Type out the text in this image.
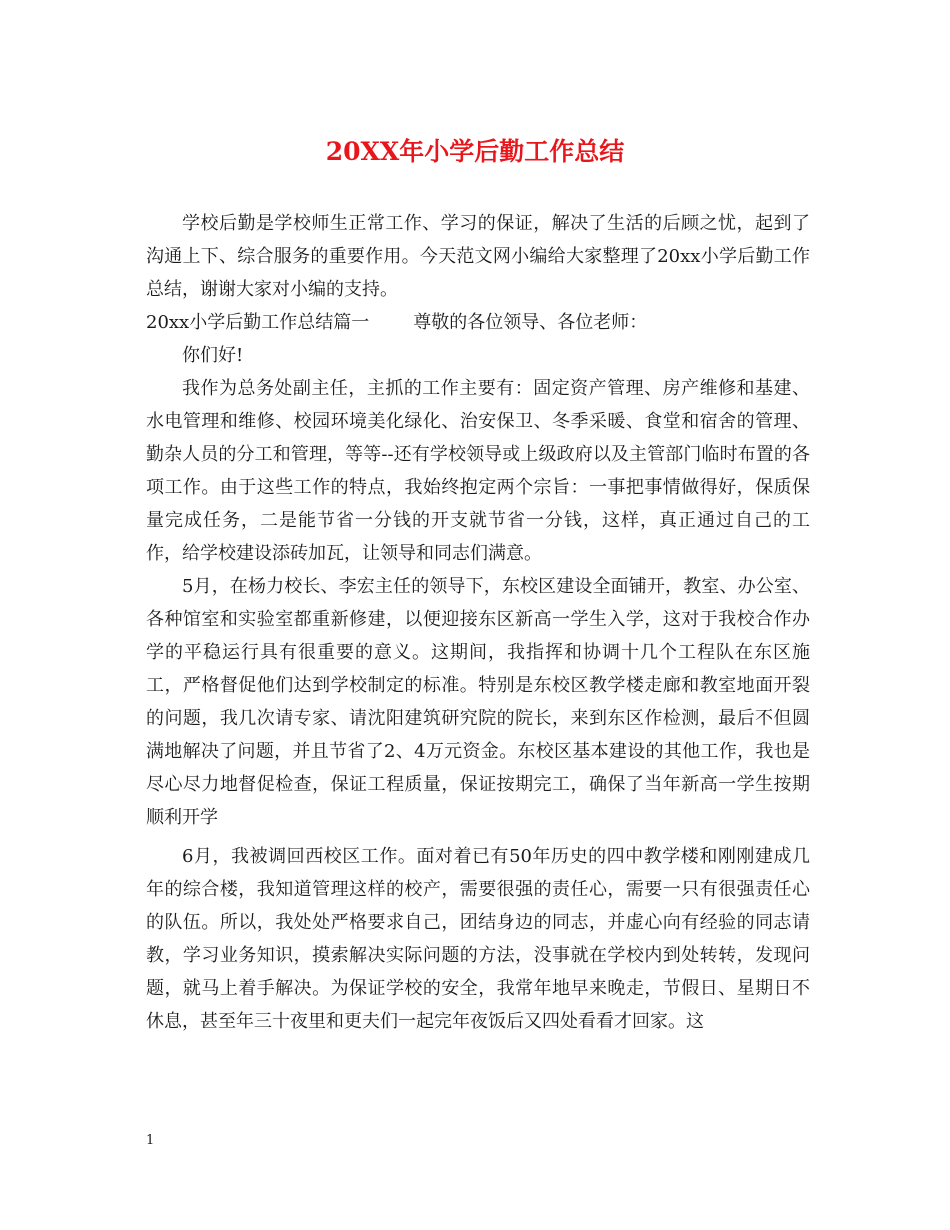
20XX年小学后勤工作总结

学校后勤是学校师生正常工作、学习的保证，解决了生活的后顾之忧，起到了沟通上下、综合服务的重要作用。今天范文网小编给大家整理了20xx小学后勤工作总结，谢谢大家对小编的支持。

20xx小学后勤工作总结篇一 尊敬的各位领导、各位老师：

你们好!

我作为总务处副主任，主抓的工作主要有：固定资产管理、房产维修和基建、水电管理和维修、校园环境美化绿化、治安保卫、冬季采暖、食堂和宿舍的管理、勤杂人员的分工和管理，等等--还有学校领导或上级政府以及主管部门临时布置的各项工作。由于这些工作的特点，我始终抱定两个宗旨：一事把事情做得好，保质保量完成任务，二是能节省一分钱的开支就节省一分钱，这样，真正通过自己的工作，给学校建设添砖加瓦，让领导和同志们满意。

5月，在杨力校长、李宏主任的领导下，东校区建设全面铺开，教室、办公室、各种馆室和实验室都重新修建，以便迎接东区新高一学生入学，这对于我校合作办学的平稳运行具有很重要的意义。这期间，我指挥和协调十几个工程队在东区施工，严格督促他们达到学校制定的标准。特别是东校区教学楼走廊和教室地面开裂的问题，我几次请专家、请沈阳建筑研究院的院长，来到东区作检测，最后不但圆满地解决了问题，并且节省了2、4万元资金。东校区基本建设的其他工作，我也是尽心尽力地督促检查，保证工程质量，保证按期完工，确保了当年新高一学生按期顺利开学

6月，我被调回西校区工作。面对着已有50年历史的四中教学楼和刚刚建成几年的综合楼，我知道管理这样的校产，需要很强的责任心，需要一只有很强责任心的队伍。所以，我处处严格要求自己，团结身边的同志，并虚心向有经验的同志请教，学习业务知识，摸索解决实际问题的方法，没事就在学校内到处转转，发现问题，就马上着手解决。为保证学校的安全，我常年地早来晚走，节假日、星期日不休息，甚至年三十夜里和更夫们一起完年夜饭后又四处看看才回家。这

1
